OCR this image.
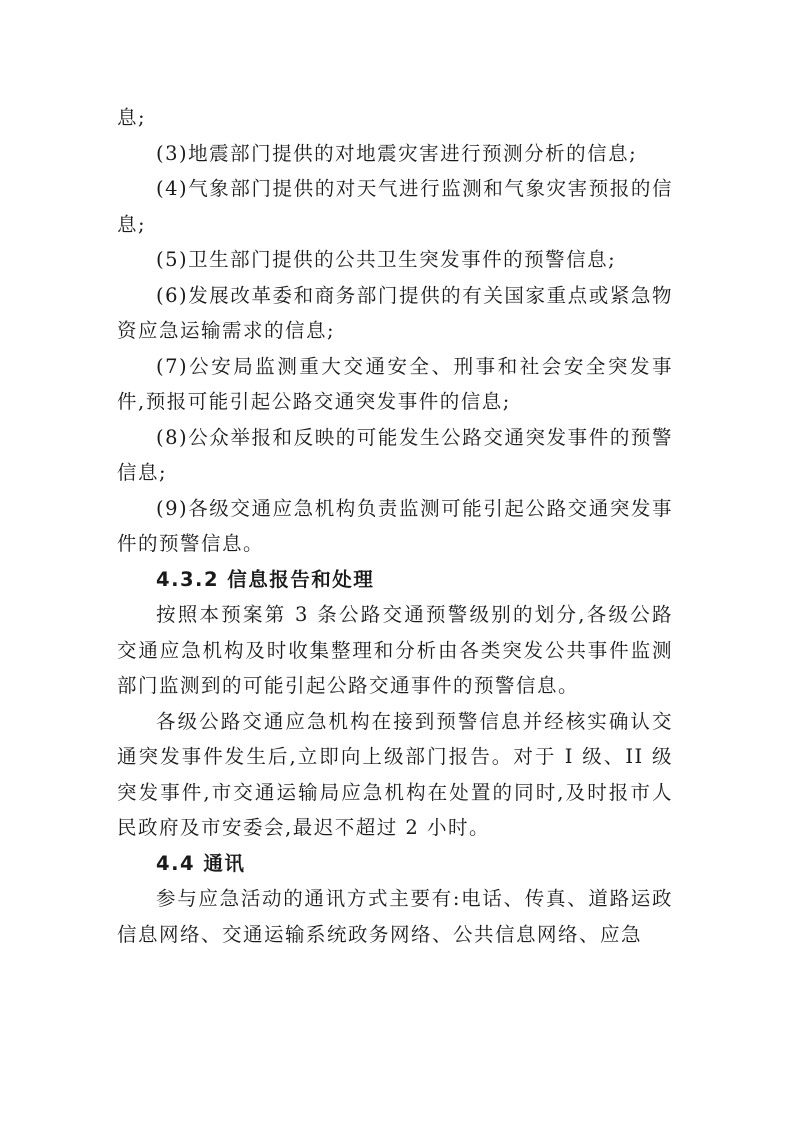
息;

(3)地震部门提供的对地震灾害进行预测分析的信息;

(4)气象部门提供的对天气进行监测和气象灾害预报的信息;

(5)卫生部门提供的公共卫生突发事件的预警信息;

(6)发展改革委和商务部门提供的有关国家重点或紧急物资应急运输需求的信息;

(7)公安局监测重大交通安全、刑事和社会安全突发事件,预报可能引起公路交通突发事件的信息;

(8)公众举报和反映的可能发生公路交通突发事件的预警信息;

(9)各级交通应急机构负责监测可能引起公路交通突发事件的预警信息。

4.3.2 信息报告和处理

按照本预案第 3 条公路交通预警级别的划分,各级公路交通应急机构及时收集整理和分析由各类突发公共事件监测部门监测到的可能引起公路交通事件的预警信息。

各级公路交通应急机构在接到预警信息并经核实确认交通突发事件发生后,立即向上级部门报告。对于 I 级、II 级突发事件,市交通运输局应急机构在处置的同时,及时报市人民政府及市安委会,最迟不超过 2 小时。

4.4 通讯

参与应急活动的通讯方式主要有:电话、传真、道路运政信息网络、交通运输系统政务网络、公共信息网络、应急
